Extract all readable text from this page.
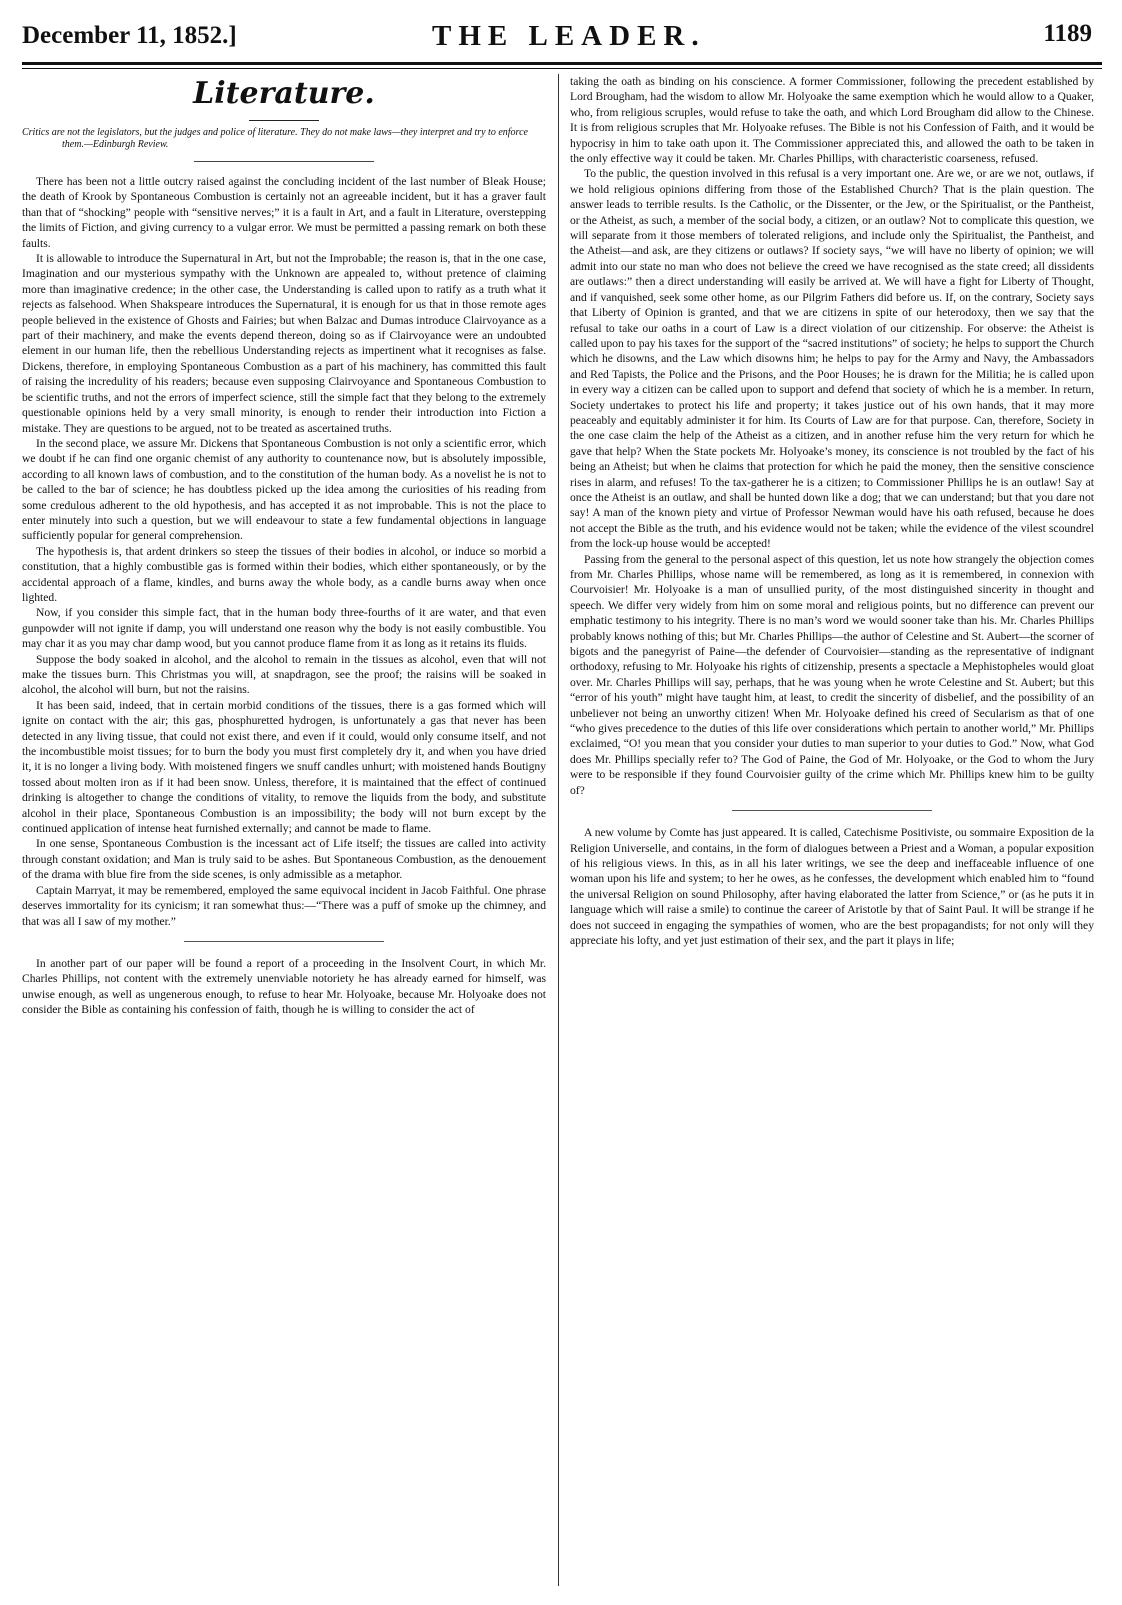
December 11, 1852.]	THE LEADER.	1189
Literature.
Critics are not the legislators, but the judges and police of literature. They do not make laws—they interpret and try to enforce them.—Edinburgh Review.

There has been not a little outcry raised against the concluding incident of the last number of Bleak House; the death of Krook by Spontaneous Combustion is certainly not an agreeable incident, but it has a graver fault than that of “shocking” people with “sensitive nerves;” it is a fault in Art, and a fault in Literature, overstepping the limits of Fiction, and giving currency to a vulgar error. We must be permitted a passing remark on both these faults.

It is allowable to introduce the Supernatural in Art, but not the Improbable; the reason is, that in the one case, Imagination and our mysterious sympathy with the Unknown are appealed to, without pretence of claiming more than imaginative credence; in the other case, the Understanding is called upon to ratify as a truth what it rejects as falsehood. When Shakspeare introduces the Supernatural, it is enough for us that in those remote ages people believed in the existence of Ghosts and Fairies; but when Balzac and Dumas introduce Clairvoyance as a part of their machinery, and make the events depend thereon, doing so as if Clairvoyance were an undoubted element in our human life, then the rebellious Understanding rejects as impertinent what it recognises as false. Dickens, therefore, in employing Spontaneous Combustion as a part of his machinery, has committed this fault of raising the incredulity of his readers; because even supposing Clairvoyance and Spontaneous Combustion to be scientific truths, and not the errors of imperfect science, still the simple fact that they belong to the extremely questionable opinions held by a very small minority, is enough to render their introduction into Fiction a mistake. They are questions to be argued, not to be treated as ascertained truths.

In the second place, we assure Mr. Dickens that Spontaneous Combustion is not only a scientific error, which we doubt if he can find one organic chemist of any authority to countenance now, but is absolutely impossible, according to all known laws of combustion, and to the constitution of the human body. As a novelist he is not to be called to the bar of science; he has doubtless picked up the idea among the curiosities of his reading from some credulous adherent to the old hypothesis, and has accepted it as not improbable. This is not the place to enter minutely into such a question, but we will endeavour to state a few fundamental objections in language sufficiently popular for general comprehension.

The hypothesis is, that ardent drinkers so steep the tissues of their bodies in alcohol, or induce so morbid a constitution, that a highly combustible gas is formed within their bodies, which either spontaneously, or by the accidental approach of a flame, kindles, and burns away the whole body, as a candle burns away when once lighted.

Now, if you consider this simple fact, that in the human body three-fourths of it are water, and that even gunpowder will not ignite if damp, you will understand one reason why the body is not easily combustible. You may char it as you may char damp wood, but you cannot produce flame from it as long as it retains its fluids.

Suppose the body soaked in alcohol, and the alcohol to remain in the tissues as alcohol, even that will not make the tissues burn. This Christmas you will, at snapdragon, see the proof; the raisins will be soaked in alcohol, the alcohol will burn, but not the raisins.

It has been said, indeed, that in certain morbid conditions of the tissues, there is a gas formed which will ignite on contact with the air; this gas, phosphuretted hydrogen, is unfortunately a gas that never has been detected in any living tissue, that could not exist there, and even if it could, would only consume itself, and not the incombustible moist tissues; for to burn the body you must first completely dry it, and when you have dried it, it is no longer a living body. With moistened fingers we snuff candles unhurt; with moistened hands Boutigny tossed about molten iron as if it had been snow. Unless, therefore, it is maintained that the effect of continued drinking is altogether to change the conditions of vitality, to remove the liquids from the body, and substitute alcohol in their place, Spontaneous Combustion is an impossibility; the body will not burn except by the continued application of intense heat furnished externally; and cannot be made to flame.

In one sense, Spontaneous Combustion is the incessant act of Life itself; the tissues are called into activity through constant oxidation; and Man is truly said to be ashes. But Spontaneous Combustion, as the denouement of the drama with blue fire from the side scenes, is only admissible as a metaphor.

Captain Marryat, it may be remembered, employed the same equivocal incident in Jacob Faithful. One phrase deserves immortality for its cynicism; it ran somewhat thus:—“There was a puff of smoke up the chimney, and that was all I saw of my mother.”

In another part of our paper will be found a report of a proceeding in the Insolvent Court, in which Mr. Charles Phillips, not content with the extremely unenviable notoriety he has already earned for himself, was unwise enough, as well as ungenerous enough, to refuse to hear Mr. Holyoake, because Mr. Holyoake does not consider the Bible as containing his confession of faith, though he is willing to consider the act of

taking the oath as binding on his conscience. A former Commissioner, following the precedent established by Lord Brougham, had the wisdom to allow Mr. Holyoake the same exemption which he would allow to a Quaker, who, from religious scruples, would refuse to take the oath, and which Lord Brougham did allow to the Chinese. It is from religious scruples that Mr. Holyoake refuses. The Bible is not his Confession of Faith, and it would be hypocrisy in him to take oath upon it. The Commissioner appreciated this, and allowed the oath to be taken in the only effective way it could be taken. Mr. Charles Phillips, with characteristic coarseness, refused.

To the public, the question involved in this refusal is a very important one. Are we, or are we not, outlaws, if we hold religious opinions differing from those of the Established Church? That is the plain question. The answer leads to terrible results. Is the Catholic, or the Dissenter, or the Jew, or the Spiritualist, or the Pantheist, or the Atheist, as such, a member of the social body, a citizen, or an outlaw? Not to complicate this question, we will separate from it those members of tolerated religions, and include only the Spiritualist, the Pantheist, and the Atheist—and ask, are they citizens or outlaws? If society says, “we will have no liberty of opinion; we will admit into our state no man who does not believe the creed we have recognised as the state creed; all dissidents are outlaws:” then a direct understanding will easily be arrived at. We will have a fight for Liberty of Thought, and if vanquished, seek some other home, as our Pilgrim Fathers did before us. If, on the contrary, Society says that Liberty of Opinion is granted, and that we are citizens in spite of our heterodoxy, then we say that the refusal to take our oaths in a court of Law is a direct violation of our citizenship. For observe: the Atheist is called upon to pay his taxes for the support of the “sacred institutions” of society; he helps to support the Church which he disowns, and the Law which disowns him; he helps to pay for the Army and Navy, the Ambassadors and Red Tapists, the Police and the Prisons, and the Poor Houses; he is drawn for the Militia; he is called upon in every way a citizen can be called upon to support and defend that society of which he is a member. In return, Society undertakes to protect his life and property; it takes justice out of his own hands, that it may more peaceably and equitably administer it for him. Its Courts of Law are for that purpose. Can, therefore, Society in the one case claim the help of the Atheist as a citizen, and in another refuse him the very return for which he gave that help? When the State pockets Mr. Holyoake’s money, its conscience is not troubled by the fact of his being an Atheist; but when he claims that protection for which he paid the money, then the sensitive conscience rises in alarm, and refuses! To the tax-gatherer he is a citizen; to Commissioner Phillips he is an outlaw! Say at once the Atheist is an outlaw, and shall be hunted down like a dog; that we can understand; but that you dare not say! A man of the known piety and virtue of Professor Newman would have his oath refused, because he does not accept the Bible as the truth, and his evidence would not be taken; while the evidence of the vilest scoundrel from the lock-up house would be accepted!

Passing from the general to the personal aspect of this question, let us note how strangely the objection comes from Mr. Charles Phillips, whose name will be remembered, as long as it is remembered, in connexion with Courvoisier! Mr. Holyoake is a man of unsullied purity, of the most distinguished sincerity in thought and speech. We differ very widely from him on some moral and religious points, but no difference can prevent our emphatic testimony to his integrity. There is no man’s word we would sooner take than his. Mr. Charles Phillips probably knows nothing of this; but Mr. Charles Phillips—the author of Celestine and St. Aubert—the scorner of bigots and the panegyrist of Paine—the defender of Courvoisier—standing as the representative of indignant orthodoxy, refusing to Mr. Holyoake his rights of citizenship, presents a spectacle a Mephistopheles would gloat over. Mr. Charles Phillips will say, perhaps, that he was young when he wrote Celestine and St. Aubert; but this “error of his youth” might have taught him, at least, to credit the sincerity of disbelief, and the possibility of an unbeliever not being an unworthy citizen! When Mr. Holyoake defined his creed of Secularism as that of one “who gives precedence to the duties of this life over considerations which pertain to another world,” Mr. Phillips exclaimed, “O! you mean that you consider your duties to man superior to your duties to God.” Now, what God does Mr. Phillips specially refer to? The God of Paine, the God of Mr. Holyoake, or the God to whom the Jury were to be responsible if they found Courvoisier guilty of the crime which Mr. Phillips knew him to be guilty of?

A new volume by Comte has just appeared. It is called, Catechisme Positiviste, ou sommaire Exposition de la Religion Universelle, and contains, in the form of dialogues between a Priest and a Woman, a popular exposition of his religious views. In this, as in all his later writings, we see the deep and ineffaceable influence of one woman upon his life and system; to her he owes, as he confesses, the development which enabled him to “found the universal Religion on sound Philosophy, after having elaborated the latter from Science,” or (as he puts it in language which will raise a smile) to continue the career of Aristotle by that of Saint Paul. It will be strange if he does not succeed in engaging the sympathies of women, who are the best propagandists; for not only will they appreciate his lofty, and yet just estimation of their sex, and the part it plays in life;
